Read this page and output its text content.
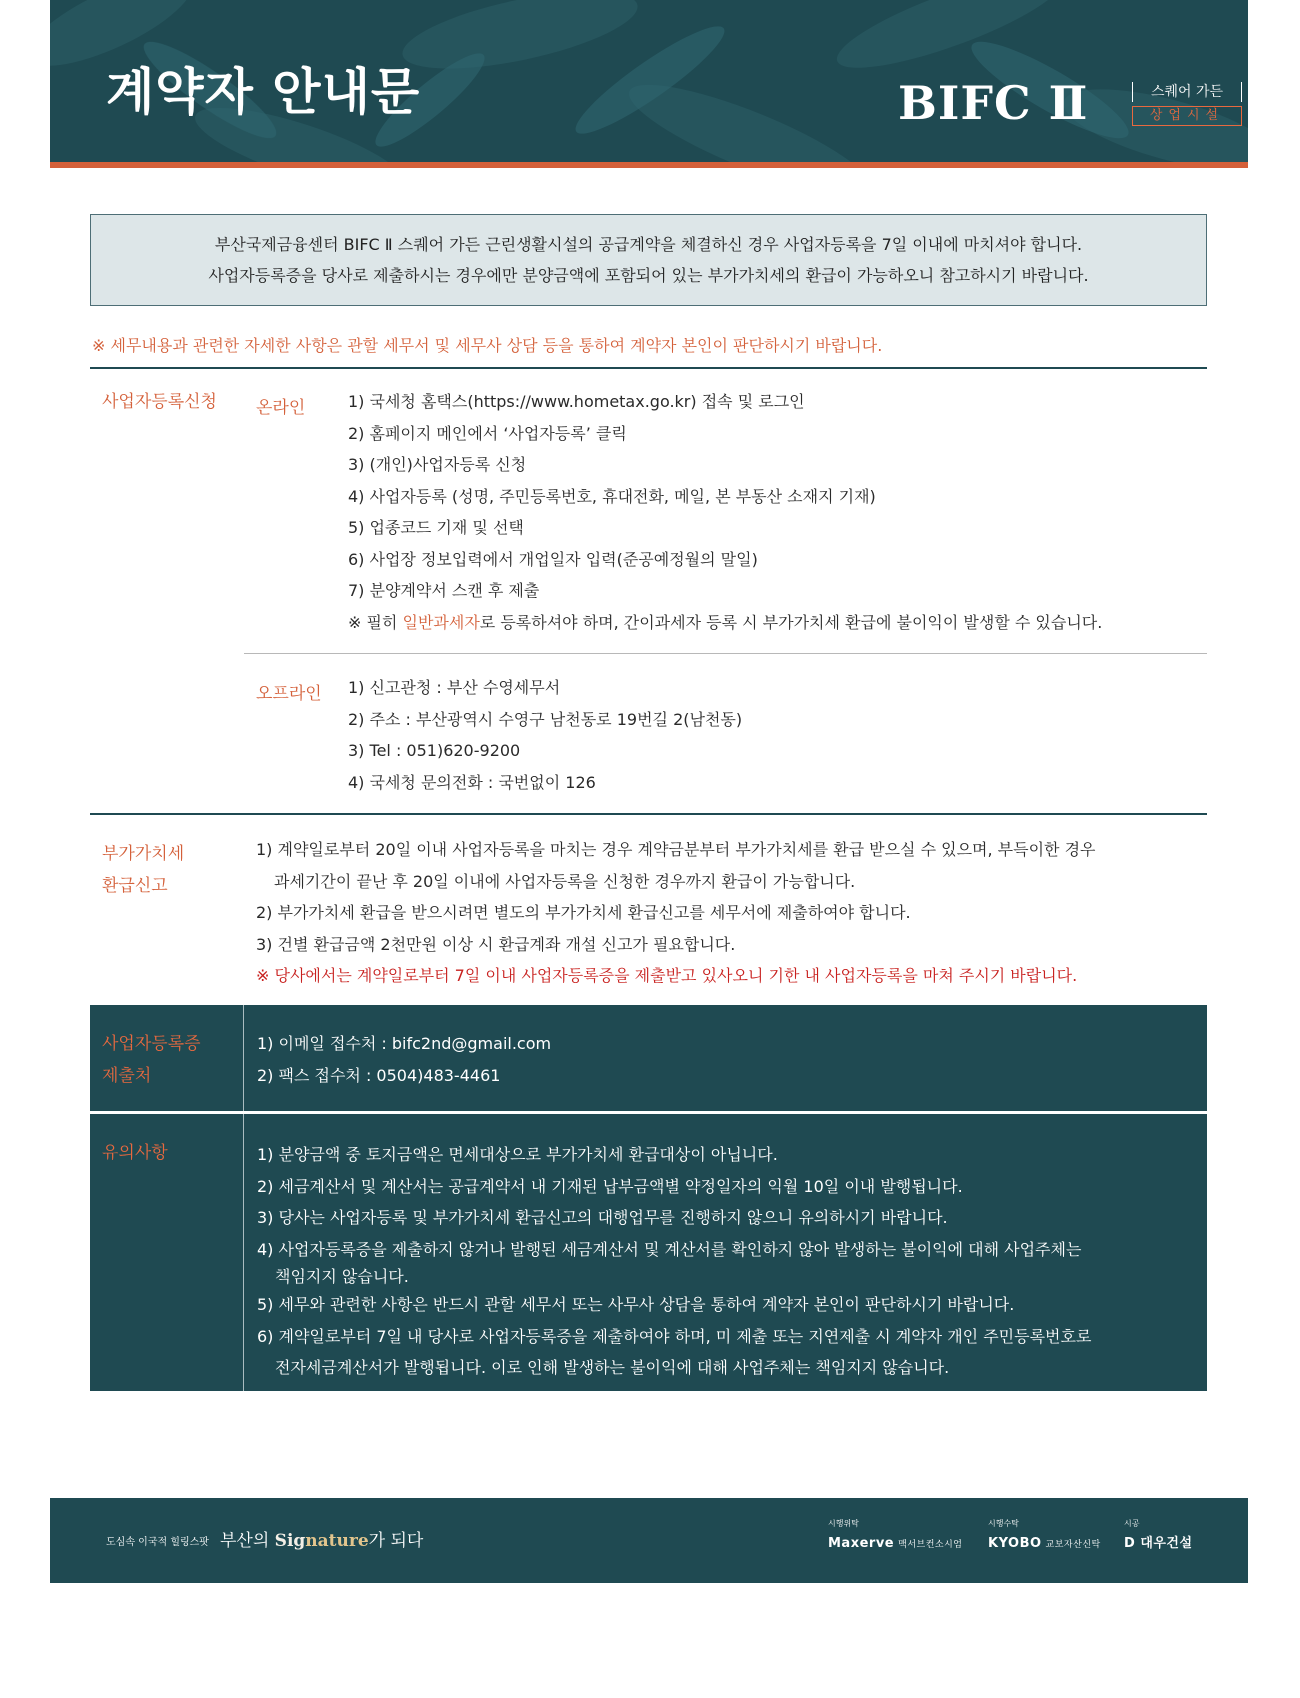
계약자 안내문	BIFC Ⅱ	스퀘어 가든
상업시설
부산국제금융센터 BIFC Ⅱ 스퀘어 가든 근린생활시설의 공급계약을 체결하신 경우 사업자등록을 7일 이내에 마치셔야 합니다.
사업자등록증을 당사로 제출하시는 경우에만 분양금액에 포함되어 있는 부가가치세의 환급이 가능하오니 참고하시기 바랍니다.
※ 세무내용과 관련한 자세한 사항은 관할 세무서 및 세무사 상담 등을 통하여 계약자 본인이 판단하시기 바랍니다.
사업자등록신청 온라인	1) 국세청 홈택스(https://www.hometax.go.kr) 접속 및 로그인
2) 홈페이지 메인에서 ‘사업자등록’ 클릭
3) (개인)사업자등록 신청
4) 사업자등록 (성명, 주민등록번호, 휴대전화, 메일, 본 부동산 소재지 기재)
5) 업종코드 기재 및 선택
6) 사업장 정보입력에서 개업일자 입력(준공예정월의 말일)
7) 분양계약서 스캔 후 제출
※ 필히 일반과세자로 등록하셔야 하며, 간이과세자 등록 시 부가가치세 환급에 불이익이 발생할 수 있습니다.
오프라인 1) 신고관청 : 부산 수영세무서
2) 주소 : 부산광역시 수영구 남천동로 19번길 2(남천동)
3) Tel : 051)620-9200
4) 국세청 문의전화 : 국번없이 126
부가가치세
환급신고
1) 계약일로부터 20일 이내 사업자등록을 마치는 경우 계약금분부터 부가가치세를 환급 받으실 수 있으며, 부득이한 경우
과세기간이 끝난 후 20일 이내에 사업자등록을 신청한 경우까지 환급이 가능합니다.
2) 부가가치세 환급을 받으시려면 별도의 부가가치세 환급신고를 세무서에 제출하여야 합니다.
3) 건별 환급금액 2천만원 이상 시 환급계좌 개설 신고가 필요합니다.
※ 당사에서는 계약일로부터 7일 이내 사업자등록증을 제출받고 있사오니 기한 내 사업자등록을 마쳐 주시기 바랍니다.
사업자등록증
제출처
1) 이메일 접수처 : bifc2nd@gmail.com
2) 팩스 접수처 : 0504)483-4461
유의사항	1) 분양금액 중 토지금액은 면세대상으로 부가가치세 환급대상이 아닙니다.
2) 세금계산서 및 계산서는 공급계약서 내 기재된 납부금액별 약정일자의 익월 10일 이내 발행됩니다.
3) 당사는 사업자등록 및 부가가치세 환급신고의 대행업무를 진행하지 않으니 유의하시기 바랍니다.
4) 사업자등록증을 제출하지 않거나 발행된 세금계산서 및 계산서를 확인하지 않아 발생하는 불이익에 대해 사업주체는
책임지지 않습니다.
5) 세무와 관련한 사항은 반드시 관할 세무서 또는 사무사 상담을 통하여 계약자 본인이 판단하시기 바랍니다.
6) 계약일로부터 7일 내 당사로 사업자등록증을 제출하여야 하며, 미 제출 또는 지연제출 시 계약자 개인 주민등록번호로
전자세금계산서가 발행됩니다. 이로 인해 발생하는 불이익에 대해 사업주체는 책임지지 않습니다.
도심속 이국적 힐링스팟 부산의 Signature가 되다
시행위탁
Maxerve 맥서브컨소시엄
시행수탁
KYOBO 교보자산신탁
시공
D 대우건설
